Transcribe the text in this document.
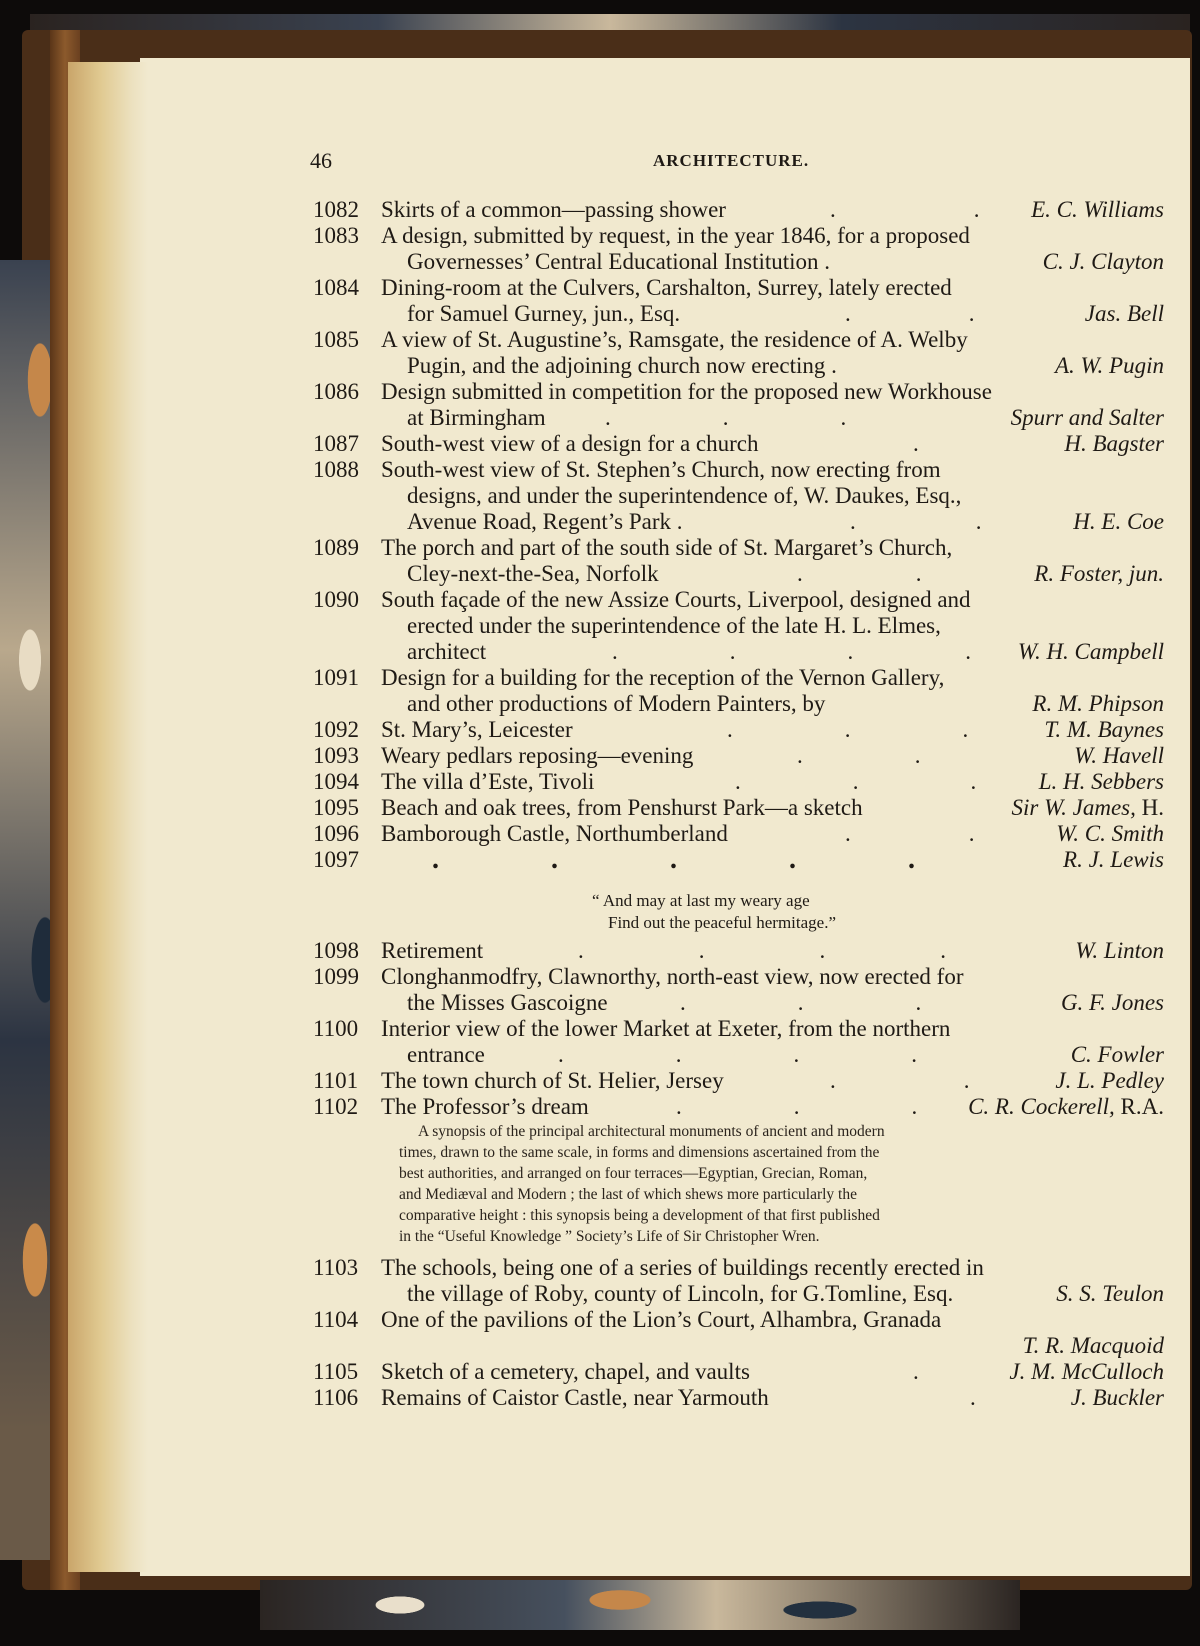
46	ARCHITECTURE.
1082 Skirts of a common—passing shower	.	. E. C. Williams
1083 A design, submitted by request, in the year 1846, for a proposed
Governesses’ Central Educational Institution .	C. J. Clayton
1084 Dining-room at the Culvers, Carshalton, Surrey, lately erected
for Samuel Gurney, jun., Esq.	.	.	Jas. Bell
1085 A view of St. Augustine’s, Ramsgate, the residence of A. Welby
Pugin, and the adjoining church now erecting .	A. W. Pugin
1086 Design submitted in competition for the proposed new Workhouse
at Birmingham	.	.	.	Spurr and Salter
1087 South-west view of a design for a church	.	H. Bagster
1088 South-west view of St. Stephen’s Church, now erecting from
designs, and under the superintendence of, W. Daukes, Esq.,
Avenue Road, Regent’s Park .	.	.	H. E. Coe
1089 The porch and part of the south side of St. Margaret’s Church,
Cley-next-the-Sea, Norfolk	.	.	R. Foster, jun.
1090 South façade of the new Assize Courts, Liverpool, designed and
erected under the superintendence of the late H. L. Elmes,
architect	.	.	.	. W. H. Campbell
1091 Design for a building for the reception of the Vernon Gallery,
and other productions of Modern Painters, by	R. M. Phipson
1092 St. Mary’s, Leicester	.	.	.	T. M. Baynes
1093 Weary pedlars reposing—evening	.	.	W. Havell
1094 The villa d’Este, Tivoli	.	.	.	L. H. Sebbers
1095 Beach and oak trees, from Penshurst Park—a sketch	Sir W. James, H.
1096 Bamborough Castle, Northumberland	.	.	W. C. Smith
1097	.	.	.	.	.	R. J. Lewis
“ And may at last my weary age
Find out the peaceful hermitage.”
1098 Retirement	.	.	.	.	W. Linton
1099 Clonghanmodfry, Clawnorthy, north-east view, now erected for
the Misses Gascoigne	.	.	.	G. F. Jones
1100 Interior view of the lower Market at Exeter, from the northern
entrance	.	.	.	.	C. Fowler
1101 The town church of St. Helier, Jersey	.	.	J. L. Pedley
1102 The Professor’s dream	.	.	. C. R. Cockerell, R.A.
A synopsis of the principal architectural monuments of ancient and modern
times, drawn to the same scale, in forms and dimensions ascertained from the
best authorities, and arranged on four terraces—Egyptian, Grecian, Roman,
and Mediæval and Modern ; the last of which shews more particularly the
comparative height : this synopsis being a development of that first published
in the “Useful Knowledge ” Society’s Life of Sir Christopher Wren.
1103 The schools, being one of a series of buildings recently erected in
the village of Roby, county of Lincoln, for G.Tomline, Esq.	S. S. Teulon
1104 One of the pavilions of the Lion’s Court, Alhambra, Granada
T. R. Macquoid
1105 Sketch of a cemetery, chapel, and vaults	.	J. M. McCulloch
1106 Remains of Caistor Castle, near Yarmouth	.	J. Buckler
